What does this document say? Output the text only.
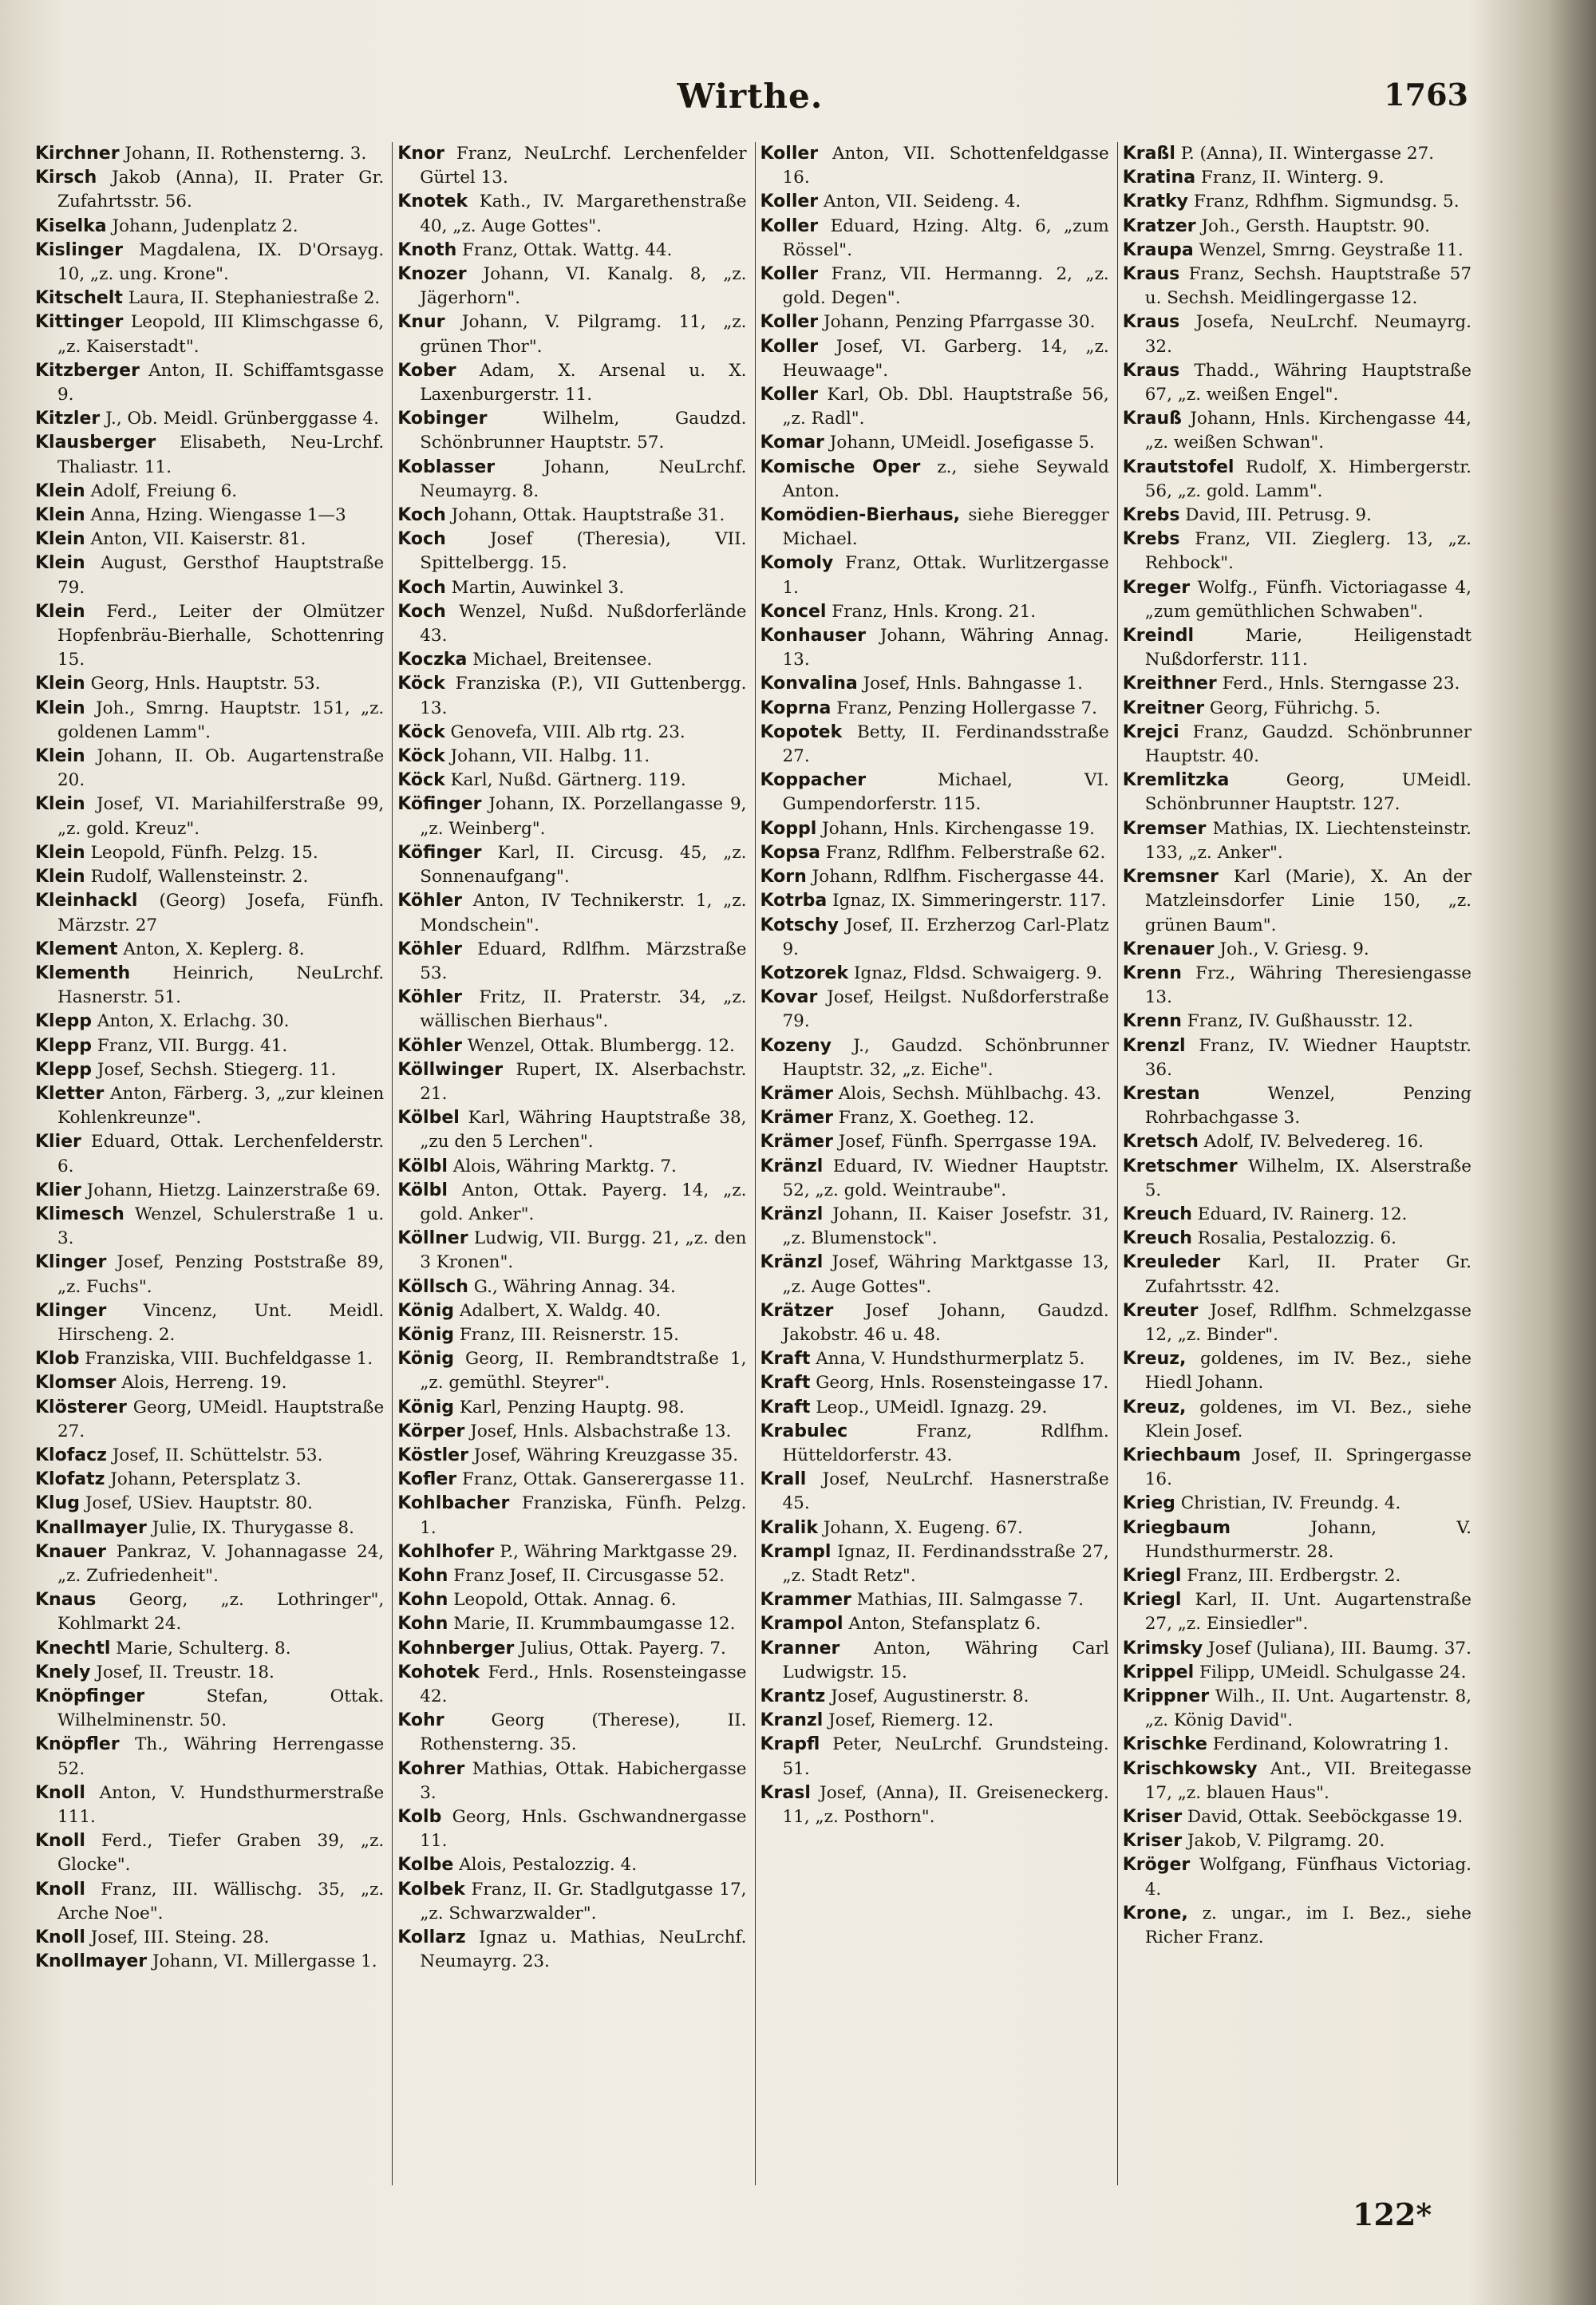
Wirthe.	1763

Kirchner Johann, II. Rothensterng. 3.

Kirsch Jakob (Anna), II. Prater Gr. Zufahrtsstr. 56.

Kiselka Johann, Judenplatz 2.

Kislinger Magdalena, IX. D'Orsayg. 10, „z. ung. Krone".

Kitschelt Laura, II. Stephaniestraße 2.

Kittinger Leopold, III Klimschgasse 6, „z. Kaiserstadt".

Kitzberger Anton, II. Schiffamtsgasse 9.

Kitzler J., Ob. Meidl. Grünberggasse 4.

Klausberger Elisabeth, Neu-Lrchf. Thaliastr. 11.

Klein Adolf, Freiung 6.

Klein Anna, Hzing. Wiengasse 1—3

Klein Anton, VII. Kaiserstr. 81.

Klein August, Gersthof Hauptstraße 79.

Klein Ferd., Leiter der Olmützer Hopfenbräu-Bierhalle, Schottenring 15.

Klein Georg, Hnls. Hauptstr. 53.

Klein Joh., Smrng. Hauptstr. 151, „z. goldenen Lamm".

Klein Johann, II. Ob. Augartenstraße 20.

Klein Josef, VI. Mariahilferstraße 99, „z. gold. Kreuz".

Klein Leopold, Fünfh. Pelzg. 15.

Klein Rudolf, Wallensteinstr. 2.

Kleinhackl (Georg) Josefa, Fünfh. Märzstr. 27

Klement Anton, X. Keplerg. 8.

Klementh Heinrich, NeuLrchf. Hasnerstr. 51.

Klepp Anton, X. Erlachg. 30.

Klepp Franz, VII. Burgg. 41.

Klepp Josef, Sechsh. Stiegerg. 11.

Kletter Anton, Färberg. 3, „zur kleinen Kohlenkreunze".

Klier Eduard, Ottak. Lerchenfelderstr. 6.

Klier Johann, Hietzg. Lainzerstraße 69.

Klimesch Wenzel, Schulerstraße 1 u. 3.

Klinger Josef, Penzing Poststraße 89, „z. Fuchs".

Klinger Vincenz, Unt. Meidl. Hirscheng. 2.

Klob Franziska, VIII. Buchfeldgasse 1.

Klomser Alois, Herreng. 19.

Klösterer Georg, UMeidl. Hauptstraße 27.

Klofacz Josef, II. Schüttelstr. 53.

Klofatz Johann, Petersplatz 3.

Klug Josef, USiev. Hauptstr. 80.

Knallmayer Julie, IX. Thurygasse 8.

Knauer Pankraz, V. Johannagasse 24, „z. Zufriedenheit".

Knaus Georg, „z. Lothringer", Kohlmarkt 24.

Knechtl Marie, Schulterg. 8.

Knely Josef, II. Treustr. 18.

Knöpfinger	Stefan, Ottak. Wilhelminenstr. 50.

Knöpfler Th., Währing Herrengasse 52.

Knoll Anton, V. Hundsthurmerstraße 111.

Knoll Ferd., Tiefer Graben 39, „z. Glocke".

Knoll Franz, III. Wällischg. 35, „z. Arche Noe".

Knoll Josef, III. Steing. 28.

Knollmayer Johann, VI. Millergasse 1.

Knor Franz, NeuLrchf. Lerchenfelder Gürtel 13.

Knotek Kath., IV. Margarethenstraße 40, „z. Auge Gottes".

Knoth Franz, Ottak. Wattg. 44.

Knozer Johann, VI. Kanalg. 8, „z. Jägerhorn".

Knur Johann, V. Pilgramg. 11, „z. grünen Thor".

Kober Adam, X. Arsenal u. X. Laxenburgerstr. 11.

Kobinger	Wilhelm, Gaudzd. Schönbrunner Hauptstr. 57.

Koblasser	Johann, NeuLrchf. Neumayrg. 8.

Koch Johann, Ottak. Hauptstraße 31.

Koch	Josef (Theresia), VII. Spittelbergg. 15.

Koch Martin, Auwinkel 3.

Koch Wenzel, Nußd. Nußdorferlände 43.

Koczka Michael, Breitensee.

Köck Franziska (P.), VII Guttenbergg. 13.

Köck Genovefa, VIII. Alb rtg. 23.

Köck Johann, VII. Halbg. 11.

Köck Karl, Nußd. Gärtnerg. 119.

Köfinger Johann, IX. Porzellangasse 9, „z. Weinberg".

Köfinger Karl, II. Circusg. 45, „z. Sonnenaufgang".

Köhler Anton, IV Technikerstr. 1, „z. Mondschein".

Köhler Eduard, Rdlfhm. Märzstraße 53.

Köhler Fritz, II. Praterstr. 34, „z. wällischen Bierhaus".

Köhler Wenzel, Ottak. Blumbergg. 12.

Köllwinger Rupert, IX. Alserbachstr. 21.

Kölbel Karl, Währing Hauptstraße 38, „zu den 5 Lerchen".

Kölbl Alois, Währing Marktg. 7.

Kölbl Anton, Ottak. Payerg. 14, „z. gold. Anker".

Köllner Ludwig, VII. Burgg. 21, „z. den 3 Kronen".

Köllsch G., Währing Annag. 34.

König Adalbert, X. Waldg. 40.

König Franz, III. Reisnerstr. 15.

König Georg, II. Rembrandtstraße 1, „z. gemüthl. Steyrer".

König Karl, Penzing Hauptg. 98.

Körper Josef, Hnls. Alsbachstraße 13.

Köstler Josef, Währing Kreuzgasse 35.

Kofler Franz, Ottak. Ganserergasse 11.

Kohlbacher Franziska, Fünfh. Pelzg. 1.

Kohlhofer P., Währing Marktgasse 29.

Kohn Franz Josef, II. Circusgasse 52.

Kohn Leopold, Ottak. Annag. 6.

Kohn Marie, II. Krummbaumgasse 12.

Kohnberger Julius, Ottak. Payerg. 7.

Kohotek Ferd., Hnls. Rosensteingasse 42.

Kohr	Georg (Therese), II. Rothensterng. 35.

Kohrer Mathias, Ottak. Habichergasse 3.

Kolb Georg, Hnls. Gschwandnergasse 11.

Kolbe Alois, Pestalozzig. 4.

Kolbek Franz, II. Gr. Stadlgutgasse 17, „z. Schwarzwalder".

Kollarz Ignaz u. Mathias, NeuLrchf. Neumayrg. 23.

Koller Anton, VII. Schottenfeldgasse 16.

Koller Anton, VII. Seideng. 4.

Koller Eduard, Hzing. Altg. 6, „zum Rössel".

Koller Franz, VII. Hermanng. 2, „z. gold. Degen".

Koller Johann, Penzing Pfarrgasse 30.

Koller Josef, VI. Garberg. 14, „z. Heuwaage".

Koller Karl, Ob. Dbl. Hauptstraße 56, „z. Radl".

Komar Johann, UMeidl. Josefigasse 5.

Komische Oper z., siehe Seywald Anton.

Komödien-Bierhaus, siehe Bieregger Michael.

Komoly Franz, Ottak. Wurlitzergasse 1.

Koncel Franz, Hnls. Krong. 21.

Konhauser Johann, Währing Annag. 13.

Konvalina Josef, Hnls. Bahngasse 1.

Koprna Franz, Penzing Hollergasse 7.

Kopotek Betty, II. Ferdinandsstraße 27.

Koppacher	Michael, VI. Gumpendorferstr. 115.

Koppl Johann, Hnls. Kirchengasse 19.

Kopsa Franz, Rdlfhm. Felberstraße 62.

Korn Johann, Rdlfhm. Fischergasse 44.

Kotrba Ignaz, IX. Simmeringerstr. 117.

Kotschy Josef, II. Erzherzog Carl-Platz 9.

Kotzorek Ignaz, Fldsd. Schwaigerg. 9.

Kovar Josef, Heilgst. Nußdorferstraße 79.

Kozeny J., Gaudzd. Schönbrunner Hauptstr. 32, „z. Eiche".

Krämer Alois, Sechsh. Mühlbachg. 43.

Krämer Franz, X. Goetheg. 12.

Krämer Josef, Fünfh. Sperrgasse 19A.

Kränzl Eduard, IV. Wiedner Hauptstr. 52, „z. gold. Weintraube".

Kränzl Johann, II. Kaiser Josefstr. 31, „z. Blumenstock".

Kränzl Josef, Währing Marktgasse 13, „z. Auge Gottes".

Krätzer Josef Johann, Gaudzd. Jakobstr. 46 u. 48.

Kraft Anna, V. Hundsthurmerplatz 5.

Kraft Georg, Hnls. Rosensteingasse 17.

Kraft Leop., UMeidl. Ignazg. 29.

Krabulec	Franz, Rdlfhm. Hütteldorferstr. 43.

Krall Josef, NeuLrchf. Hasnerstraße 45.

Kralik Johann, X. Eugeng. 67.

Krampl Ignaz, II. Ferdinandsstraße 27, „z. Stadt Retz".

Krammer Mathias, III. Salmgasse 7.

Krampol Anton, Stefansplatz 6.

Kranner Anton, Währing Carl Ludwigstr. 15.

Krantz Josef, Augustinerstr. 8.

Kranzl Josef, Riemerg. 12.

Krapfl Peter, NeuLrchf. Grundsteing. 51.

Krasl Josef, (Anna), II. Greiseneckerg. 11, „z. Posthorn".

Kraßl P. (Anna), II. Wintergasse 27.

Kratina Franz, II. Winterg. 9.

Kratky Franz, Rdhfhm. Sigmundsg. 5.

Kratzer Joh., Gersth. Hauptstr. 90.

Kraupa Wenzel, Smrng. Geystraße 11.

Kraus Franz, Sechsh. Hauptstraße 57 u. Sechsh. Meidlingergasse 12.

Kraus Josefa, NeuLrchf. Neumayrg. 32.

Kraus Thadd., Währing Hauptstraße 67, „z. weißen Engel".

Krauß Johann, Hnls. Kirchengasse 44, „z. weißen Schwan".

Krautstofel Rudolf, X. Himbergerstr. 56, „z. gold. Lamm".

Krebs David, III. Petrusg. 9.

Krebs Franz, VII. Zieglerg. 13, „z. Rehbock".

Kreger Wolfg., Fünfh. Victoriagasse 4, „zum gemüthlichen Schwaben".

Kreindl	Marie, Heiligenstadt Nußdorferstr. 111.

Kreithner Ferd., Hnls. Sterngasse 23.

Kreitner Georg, Führichg. 5.

Krejci Franz, Gaudzd. Schönbrunner Hauptstr. 40.

Kremlitzka	Georg, UMeidl. Schönbrunner Hauptstr. 127.

Kremser Mathias, IX. Liechtensteinstr. 133, „z. Anker".

Kremsner Karl (Marie), X. An der Matzleinsdorfer Linie 150, „z. grünen Baum".

Krenauer Joh., V. Griesg. 9.

Krenn Frz., Währing Theresiengasse 13.

Krenn Franz, IV. Gußhausstr. 12.

Krenzl Franz, IV. Wiedner Hauptstr. 36.

Krestan	Wenzel, Penzing Rohrbachgasse 3.

Kretsch Adolf, IV. Belvedereg. 16.

Kretschmer Wilhelm, IX. Alserstraße 5.

Kreuch Eduard, IV. Rainerg. 12.

Kreuch Rosalia, Pestalozzig. 6.

Kreuleder Karl, II. Prater Gr. Zufahrtsstr. 42.

Kreuter Josef, Rdlfhm. Schmelzgasse 12, „z. Binder".

Kreuz, goldenes, im IV. Bez., siehe Hiedl Johann.

Kreuz, goldenes, im VI. Bez., siehe Klein Josef.

Kriechbaum Josef, II. Springergasse 16.

Krieg Christian, IV. Freundg. 4.

Kriegbaum	Johann, V. Hundsthurmerstr. 28.

Kriegl Franz, III. Erdbergstr. 2.

Kriegl Karl, II. Unt. Augartenstraße 27, „z. Einsiedler".

Krimsky Josef (Juliana), III. Baumg. 37.

Krippel Filipp, UMeidl. Schulgasse 24.

Krippner Wilh., II. Unt. Augartenstr. 8, „z. König David".

Krischke Ferdinand, Kolowratring 1.

Krischkowsky Ant., VII. Breitegasse 17, „z. blauen Haus".

Kriser David, Ottak. Seeböckgasse 19.

Kriser Jakob, V. Pilgramg. 20.

Kröger Wolfgang, Fünfhaus Victoriag. 4.

Krone, z. ungar., im I. Bez., siehe Richer Franz.

122*
